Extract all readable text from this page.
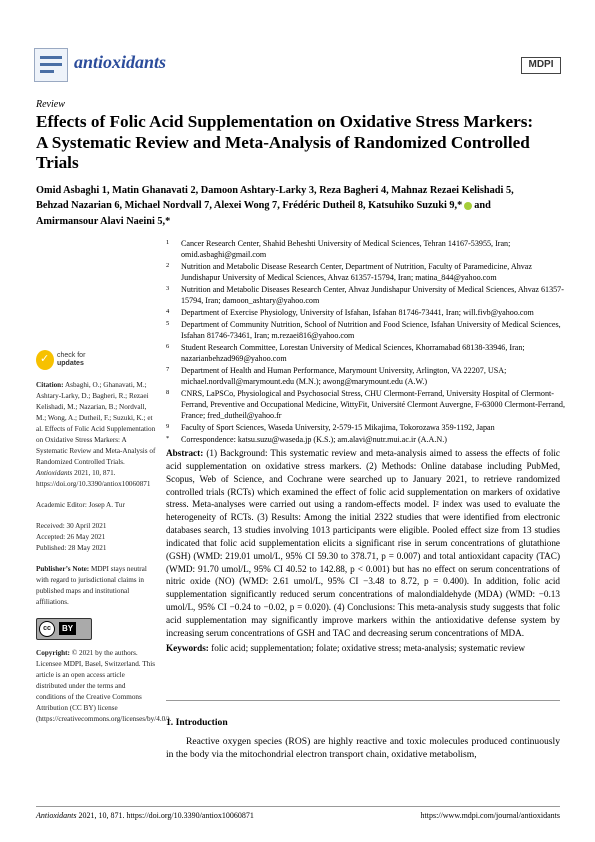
antioxidants	MDPI
Review
Effects of Folic Acid Supplementation on Oxidative Stress Markers: A Systematic Review and Meta-Analysis of Randomized Controlled Trials
Omid Asbaghi 1, Matin Ghanavati 2, Damoon Ashtary-Larky 3, Reza Bagheri 4, Mahnaz Rezaei Kelishadi 5,
Behzad Nazarian 6, Michael Nordvall 7, Alexei Wong 7, Frédéric Dutheil 8, Katsuhiko Suzuki 9,* and
Amirmansour Alavi Naeini 5,*
1 Cancer Research Center, Shahid Beheshti University of Medical Sciences, Tehran 14167-53955, Iran; omid.asbaghi@gmail.com
2 Nutrition and Metabolic Disease Research Center, Department of Nutrition, Faculty of Paramedicine, Ahvaz Jundishapur University of Medical Sciences, Ahvaz 61357-15794, Iran; matina_844@yahoo.com
3 Nutrition and Metabolic Diseases Research Center, Ahvaz Jundishapur University of Medical Sciences, Ahvaz 61357-15794, Iran; damoon_ashtary@yahoo.com
4 Department of Exercise Physiology, University of Isfahan, Isfahan 81746-73441, Iran; will.fivb@yahoo.com
5 Department of Community Nutrition, School of Nutrition and Food Science, Isfahan University of Medical Sciences, Isfahan 81746-73461, Iran; m.rezaei816@yahoo.com
6 Student Research Committee, Lorestan University of Medical Sciences, Khorramabad 68138-33946, Iran; nazarianbehzad969@yahoo.com
7 Department of Health and Human Performance, Marymount University, Arlington, VA 22207, USA; michael.nordvall@marymount.edu (M.N.); awong@marymount.edu (A.W.)
8 CNRS, LaPSCo, Physiological and Psychosocial Stress, CHU Clermont-Ferrand, University Hospital of Clermont-Ferrand, Preventive and Occupational Medicine, WittyFit, Université Clermont Auvergne, F-63000 Clermont-Ferrand, France; fred_dutheil@yahoo.fr
9 Faculty of Sport Sciences, Waseda University, 2-579-15 Mikajima, Tokorozawa 359-1192, Japan
* Correspondence: katsu.suzu@waseda.jp (K.S.); am.alavi@nutr.mui.ac.ir (A.A.N.)
✓
check for
updates

Citation: Asbaghi, O.; Ghanavati, M.; Ashtary-Larky, D.; Bagheri, R.; Rezaei Kelishadi, M.; Nazarian, B.; Nordvall, M.; Wong, A.; Dutheil, F.; Suzuki, K.; et al. Effects of Folic Acid Supplementation on Oxidative Stress Markers: A Systematic Review and Meta-Analysis of Randomized Controlled Trials. Antioxidants 2021, 10, 871. https://doi.org/10.3390/antiox10060871

Academic Editor: Josep A. Tur

Received: 30 April 2021
Accepted: 26 May 2021
Published: 28 May 2021

Publisher’s Note: MDPI stays neutral with regard to jurisdictional claims in published maps and institutional affiliations.

cc	BY

Copyright: © 2021 by the authors. Licensee MDPI, Basel, Switzerland. This article is an open access article distributed under the terms and conditions of the Creative Commons Attribution (CC BY) license (https://creativecommons.org/licenses/by/4.0/).

Abstract: (1) Background: This systematic review and meta-analysis aimed to assess the effects of folic acid supplementation on oxidative stress markers. (2) Methods: Online database including PubMed, Scopus, Web of Science, and Cochrane were searched up to January 2021, to retrieve randomized controlled trials (RCTs) which examined the effect of folic acid supplementation on markers of oxidative stress. Meta-analyses were carried out using a random-effects model. I² index was used to evaluate the heterogeneity of RCTs. (3) Results: Among the initial 2322 studies that were identified from electronic databases search, 13 studies involving 1013 participants were eligible. Pooled effect size from 13 studies indicated that folic acid supplementation elicits a significant rise in serum concentrations of glutathione (GSH) (WMD: 219.01 umol/L, 95% CI 59.30 to 378.71, p = 0.007) and total antioxidant capacity (TAC) (WMD: 91.70 umol/L, 95% CI 40.52 to 142.88, p < 0.001) but has no effect on serum concentrations of nitric oxide (NO) (WMD: 2.61 umol/L, 95% CI −3.48 to 8.72, p = 0.400). In addition, folic acid supplementation significantly reduced serum concentrations of malondialdehyde (MDA) (WMD: −0.13 umol/L, 95% CI −0.24 to −0.02, p = 0.020). (4) Conclusions: This meta-analysis study suggests that folic acid supplementation may significantly improve markers within the antioxidative defense system by increasing serum concentrations of GSH and TAC and decreasing serum concentrations of MDA.
Keywords: folic acid; supplementation; folate; oxidative stress; meta-analysis; systematic review
1. Introduction
Reactive oxygen species (ROS) are highly reactive and toxic molecules produced continuously in the body via the mitochondrial electron transport chain, oxidative metabolism,
Antioxidants 2021, 10, 871. https://doi.org/10.3390/antiox10060871	https://www.mdpi.com/journal/antioxidants
